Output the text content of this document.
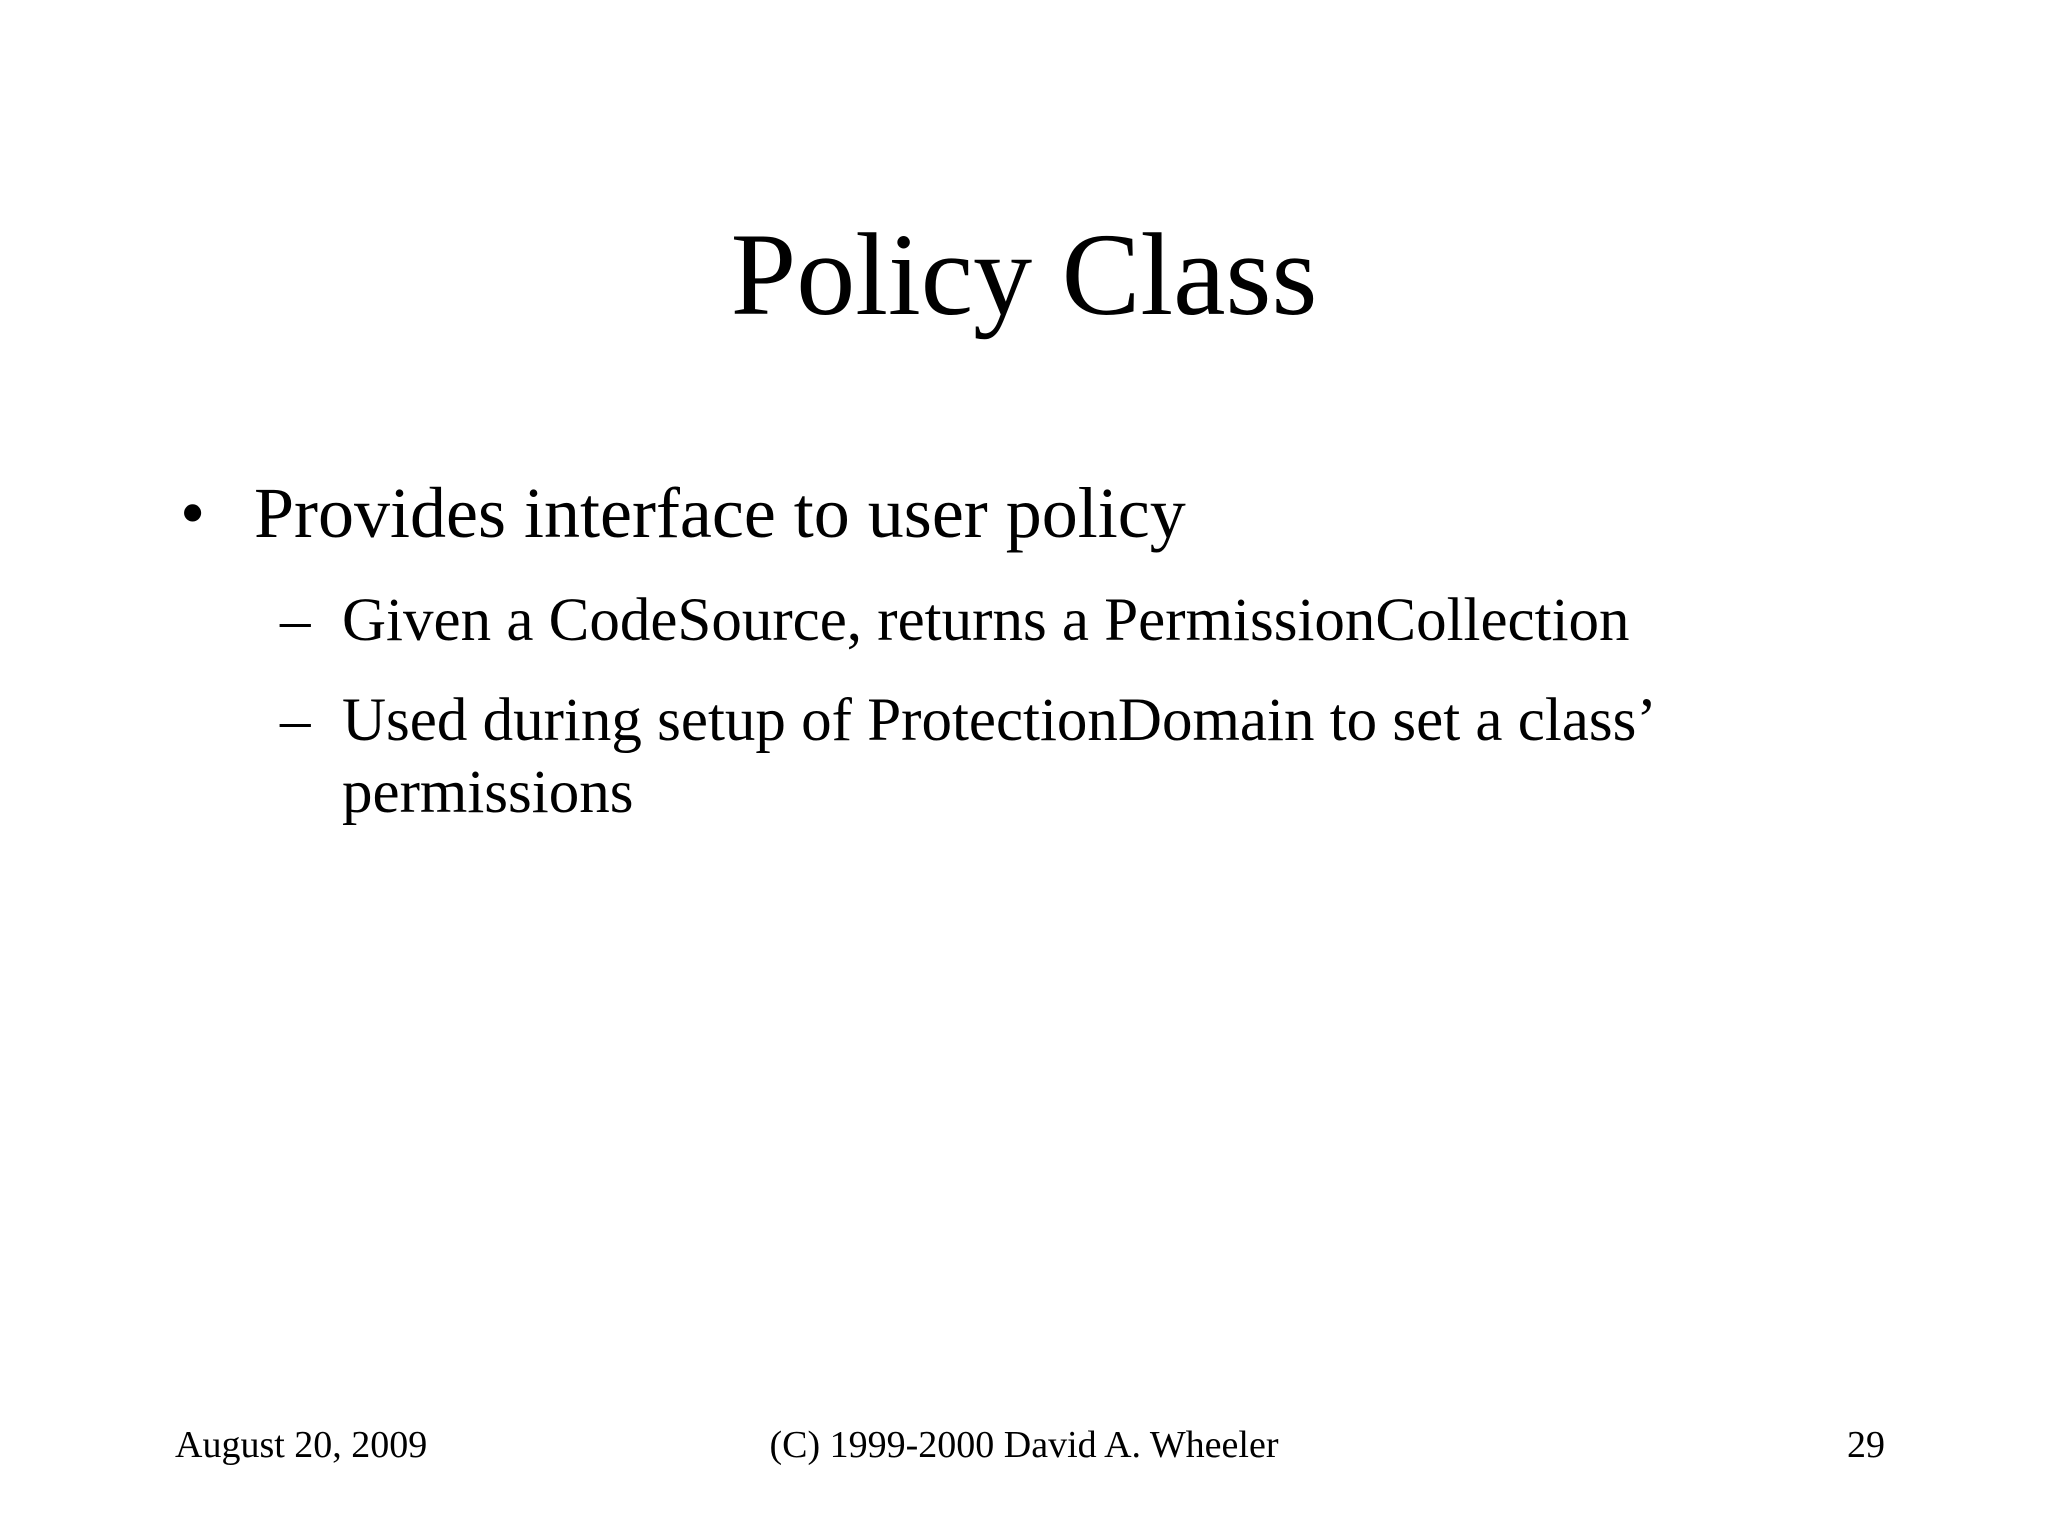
Policy Class
• Provides interface to user policy
– Given a CodeSource, returns a PermissionCollection
– Used during setup of ProtectionDomain to set a class’ permissions
August 20, 2009	(C) 1999-2000 David A. Wheeler	29
